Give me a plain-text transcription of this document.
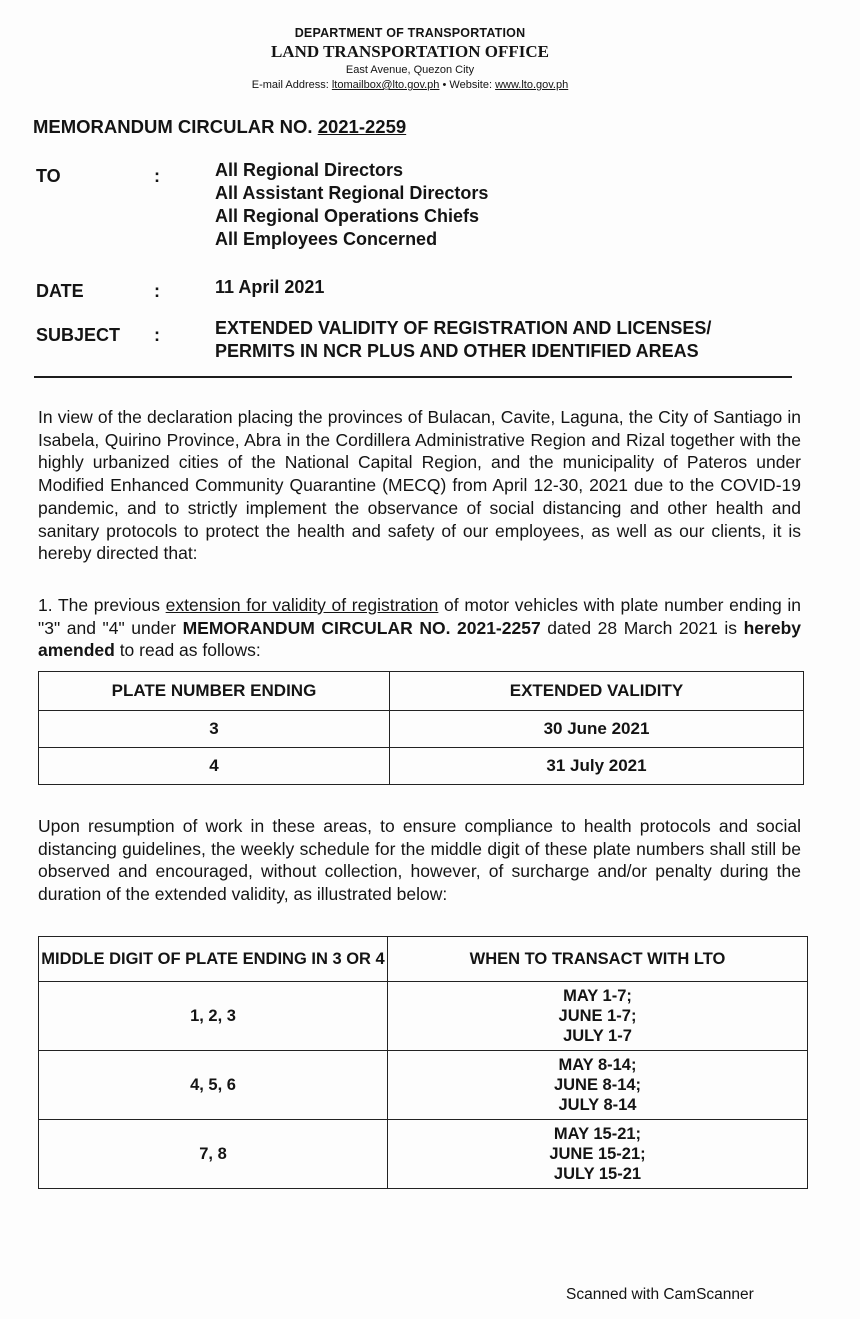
DEPARTMENT OF TRANSPORTATION
LAND TRANSPORTATION OFFICE
East Avenue, Quezon City
E-mail Address: ltomailbox@lto.gov.ph • Website: www.lto.gov.ph
MEMORANDUM CIRCULAR NO. 2021-2259
TO	:	All Regional Directors
All Assistant Regional Directors
All Regional Operations Chiefs
All Employees Concerned
DATE	:	11 April 2021
SUBJECT :	EXTENDED VALIDITY OF REGISTRATION AND LICENSES/
PERMITS IN NCR PLUS AND OTHER IDENTIFIED AREAS
In view of the declaration placing the provinces of Bulacan, Cavite, Laguna, the City of Santiago in Isabela, Quirino Province, Abra in the Cordillera Administrative Region and Rizal together with the highly urbanized cities of the National Capital Region, and the municipality of Pateros under Modified Enhanced Community Quarantine (MECQ) from April 12-30, 2021 due to the COVID-19 pandemic, and to strictly implement the observance of social distancing and other health and sanitary protocols to protect the health and safety of our employees, as well as our clients, it is hereby directed that:
1. The previous extension for validity of registration of motor vehicles with plate number ending in "3" and "4" under MEMORANDUM CIRCULAR NO. 2021-2257 dated 28 March 2021 is hereby amended to read as follows:
PLATE NUMBER ENDING	EXTENDED VALIDITY
3	30 June 2021
4	31 July 2021
Upon resumption of work in these areas, to ensure compliance to health protocols and social distancing guidelines, the weekly schedule for the middle digit of these plate numbers shall still be observed and encouraged, without collection, however, of surcharge and/or penalty during the duration of the extended validity, as illustrated below:
MIDDLE DIGIT OF PLATE ENDING IN 3 OR 4	WHEN TO TRANSACT WITH LTO
1, 2, 3	MAY 1-7;
JUNE 1-7;
JULY 1-7

4, 5, 6	MAY 8-14;
JUNE 8-14;
JULY 8-14

7, 8	MAY 15-21;
JUNE 15-21;
JULY 15-21
Scanned with CamScanner
